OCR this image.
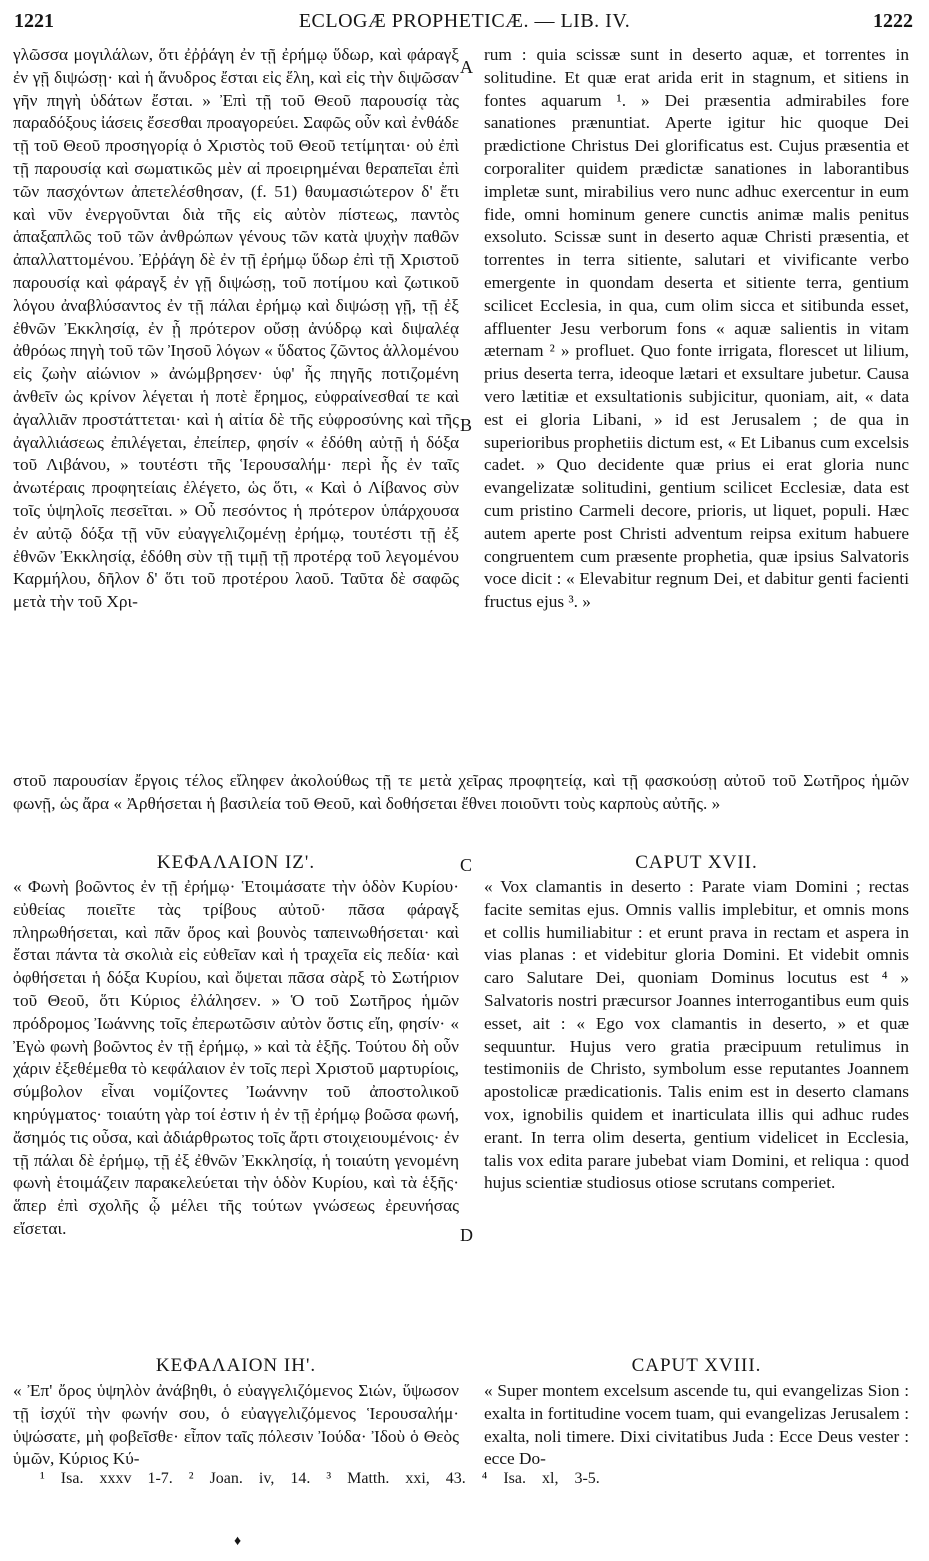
1221	ECLOGÆ PROPHETICÆ. — LIB. IV.	1222

γλῶσσα μογιλάλων, ὅτι ἐῤῥάγη ἐν τῇ ἐρήμῳ ὕδωρ, καὶ φάραγξ ἐν γῇ διψώσῃ· καὶ ἡ ἄνυδρος ἔσται εἰς ἕλη, καὶ εἰς τὴν διψῶσαν γῆν πηγὴ ὑδάτων ἔσται. » Ἐπὶ τῇ τοῦ Θεοῦ παρουσίᾳ τὰς παραδόξους ἰάσεις ἔσεσθαι προαγορεύει. Σαφῶς οὖν καὶ ἐνθάδε τῇ τοῦ Θεοῦ προσηγορίᾳ ὁ Χριστὸς τοῦ Θεοῦ τετίμηται· οὐ ἐπὶ τῇ παρουσίᾳ καὶ σωματικῶς μὲν αἱ προειρημέναι θεραπεῖαι ἐπὶ τῶν πασχόντων ἀπετελέσθησαν, (f. 51) θαυμασιώτερον δ' ἔτι καὶ νῦν ἐνεργοῦνται διὰ τῆς εἰς αὐτὸν πίστεως, παντὸς ἁπαξαπλῶς τοῦ τῶν ἀνθρώπων γένους τῶν κατὰ ψυχὴν παθῶν ἀπαλλαττομένου. Ἐῤῥάγη δὲ ἐν τῇ ἐρήμῳ ὕδωρ ἐπὶ τῇ Χριστοῦ παρουσίᾳ καὶ φάραγξ ἐν γῇ διψώσῃ, τοῦ ποτίμου καὶ ζωτικοῦ λόγου ἀναβλύσαντος ἐν τῇ πάλαι ἐρήμῳ καὶ διψώσῃ γῇ, τῇ ἐξ ἐθνῶν Ἐκκλησίᾳ, ἐν ᾗ πρότερον οὔσῃ ἀνύδρῳ καὶ διψαλέᾳ ἀθρόως πηγὴ τοῦ τῶν Ἰησοῦ λόγων « ὕδατος ζῶντος ἁλλομένου εἰς ζωὴν αἰώνιον » ἀνώμβρησεν· ὑφ' ἧς πηγῆς ποτιζομένη ἀνθεῖν ὡς κρίνον λέγεται ἡ ποτὲ ἔρημος, εὐφραίνεσθαί τε καὶ ἀγαλλιᾶν προστάττεται· καὶ ἡ αἰτία δὲ τῆς εὐφροσύνης καὶ τῆς ἀγαλλιάσεως ἐπιλέγεται, ἐπείπερ, φησίν « ἐδόθη αὐτῇ ἡ δόξα τοῦ Λιβάνου, » τουτέστι τῆς Ἱερουσαλήμ· περὶ ἧς ἐν ταῖς ἀνωτέραις προφητείαις ἐλέγετο, ὡς ὅτι, « Καὶ ὁ Λίβανος σὺν τοῖς ὑψηλοῖς πεσεῖται. » Οὗ πεσόντος ἡ πρότερον ὑπάρχουσα ἐν αὐτῷ δόξα τῇ νῦν εὐαγγελιζομένῃ ἐρήμῳ, τουτέστι τῇ ἐξ ἐθνῶν Ἐκκλησίᾳ, ἐδόθη σὺν τῇ τιμῇ τῇ προτέρᾳ τοῦ λεγομένου Καρμήλου, δῆλον δ' ὅτι τοῦ προτέρου λαοῦ. Ταῦτα δὲ σαφῶς μετὰ τὴν τοῦ Χρι-

A

rum : quia scissæ sunt in deserto aquæ, et torrentes in solitudine. Et quæ erat arida erit in stagnum, et sitiens in fontes aquarum ¹. » Dei præsentia admirabiles fore sanationes prænuntiat. Aperte igitur hic quoque Dei prædictione Christus Dei glorificatus est. Cujus præsentia et corporaliter quidem prædictæ sanationes in laborantibus impletæ sunt, mirabilius vero nunc adhuc exercentur in eum fide, omni hominum genere cunctis animæ malis penitus exsoluto. Scissæ sunt in deserto aquæ Christi præsentia, et torrentes in terra sitiente, salutari et vivificante verbo emergente in quondam deserta et sitiente terra, gentium scilicet Ecclesia, in qua, cum olim sicca et sitibunda esset, affluenter Jesu verborum fons « aquæ salientis in vitam æternam ² » profluet. Quo fonte irrigata, florescet ut lilium, prius deserta terra, ideoque lætari et exsultare jubetur. Causa vero lætitiæ et exsultationis subjicitur, quoniam, ait, « data est ei gloria Libani, » id est Jerusalem ; de qua in superioribus prophetiis dictum est, « Et Libanus cum excelsis cadet. » Quo decidente quæ prius ei erat gloria nunc evangelizatæ solitudini, gentium scilicet Ecclesiæ, data est cum pristino Carmeli decore, prioris, ut liquet, populi. Hæc autem aperte post Christi adventum reipsa exitum habuere congruentem cum præsente prophetia, quæ ipsius Salvatoris voce dicit : « Elevabitur regnum Dei, et dabitur genti facienti fructus ejus ³. »

B
στοῦ παρουσίαν ἔργοις τέλος εἴληφεν ἀκολούθως τῇ τε μετὰ χεῖρας προφητείᾳ, καὶ τῇ φασκούσῃ αὐτοῦ τοῦ Σωτῆρος ἡμῶν φωνῇ, ὡς ἄρα « Ἀρθήσεται ἡ βασιλεία τοῦ Θεοῦ, καὶ δοθήσεται ἔθνει ποιοῦντι τοὺς καρποὺς αὐτῆς. »
ΚΕΦΑΛΑΙΟΝ ΙΖ'.	C	CAPUT XVII.

« Φωνὴ βοῶντος ἐν τῇ ἐρήμῳ· Ἑτοιμάσατε τὴν ὁδὸν Κυρίου· εὐθείας ποιεῖτε τὰς τρίβους αὐτοῦ· πᾶσα φάραγξ πληρωθήσεται, καὶ πᾶν ὄρος καὶ βουνὸς ταπεινωθήσεται· καὶ ἔσται πάντα τὰ σκολιὰ εἰς εὐθεῖαν καὶ ἡ τραχεῖα εἰς πεδία· καὶ ὀφθήσεται ἡ δόξα Κυρίου, καὶ ὄψεται πᾶσα σὰρξ τὸ Σωτήριον τοῦ Θεοῦ, ὅτι Κύριος ἐλάλησεν. » Ὁ τοῦ Σωτῆρος ἡμῶν πρόδρομος Ἰωάννης τοῖς ἐπερωτῶσιν αὐτὸν ὅστις εἴη, φησίν· « Ἐγὼ φωνὴ βοῶντος ἐν τῇ ἐρήμῳ, » καὶ τὰ ἑξῆς. Τούτου δὴ οὖν χάριν ἐξεθέμεθα τὸ κεφάλαιον ἐν τοῖς περὶ Χριστοῦ μαρτυρίοις, σύμβολον εἶναι νομίζοντες Ἰωάννην τοῦ ἀποστολικοῦ κηρύγματος· τοιαύτη γὰρ τοί ἐστιν ἡ ἐν τῇ ἐρήμῳ βοῶσα φωνή, ἄσημός τις οὖσα, καὶ ἀδιάρθρωτος τοῖς ἄρτι στοιχειουμένοις· ἐν τῇ πάλαι δὲ ἐρήμῳ, τῇ ἐξ ἐθνῶν Ἐκκλησίᾳ, ἡ τοιαύτη γενομένη φωνὴ ἑτοιμάζειν παρακελεύεται τὴν ὁδὸν Κυρίου, καὶ τὰ ἑξῆς· ἅπερ ἐπὶ σχολῆς ᾧ μέλει τῆς τούτων γνώσεως ἐρευνήσας εἴσεται.

« Vox clamantis in deserto : Parate viam Domini ; rectas facite semitas ejus. Omnis vallis implebitur, et omnis mons et collis humiliabitur : et erunt prava in rectam et aspera in vias planas : et videbitur gloria Domini. Et videbit omnis caro Salutare Dei, quoniam Dominus locutus est ⁴ » Salvatoris nostri præcursor Joannes interrogantibus eum quis esset, ait : « Ego vox clamantis in deserto, » et quæ sequuntur. Hujus vero gratia præcipuum retulimus in testimoniis de Christo, symbolum esse reputantes Joannem apostolicæ prædicationis. Talis enim est in deserto clamans vox, ignobilis quidem et inarticulata illis qui adhuc rudes erant. In terra olim deserta, gentium videlicet in Ecclesia, talis vox edita parare jubebat viam Domini, et reliqua : quod hujus scientiæ studiosus otiose scrutans comperiet.

D
ΚΕΦΑΛΑΙΟΝ ΙΗ'.	CAPUT XVIII.

« Ἐπ' ὄρος ὑψηλὸν ἀνάβηθι, ὁ εὐαγγελιζόμενος Σιών, ὕψωσον τῇ ἰσχύϊ τὴν φωνήν σου, ὁ εὐαγγελιζόμενος Ἱερουσαλήμ· ὑψώσατε, μὴ φοβεῖσθε· εἶπον ταῖς πόλεσιν Ἰούδα· Ἰδοὺ ὁ Θεὸς ὑμῶν, Κύριος Κύ-

« Super montem excelsum ascende tu, qui evangelizas Sion : exalta in fortitudine vocem tuam, qui evangelizas Jerusalem : exalta, noli timere. Dixi civitatibus Juda : Ecce Deus vester : ecce Do-

¹ Isa. xxxv 1-7. ² Joan. iv, 14. ³ Matth. xxi, 43. ⁴ Isa. xl, 3-5.
♦
